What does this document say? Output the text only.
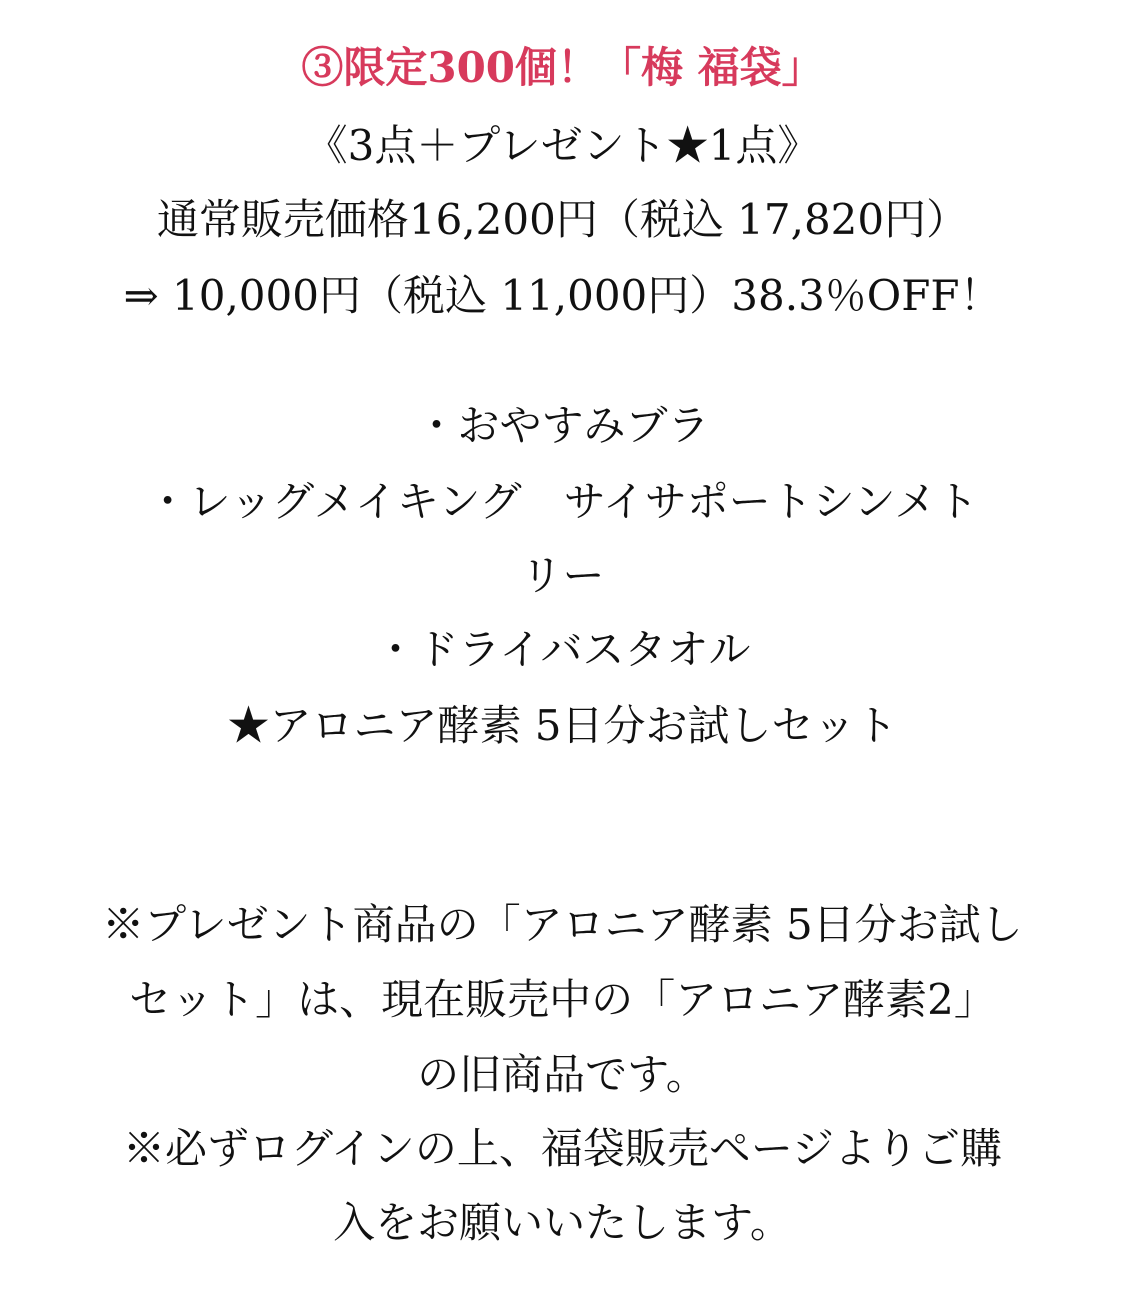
③限定300個！「梅 福袋」
《3点＋プレゼント★1点》
通常販売価格16,200円（税込 17,820円）
⇒ 10,000円（税込 11,000円）38.3％OFF！
・おやすみブラ
・レッグメイキング　サイサポートシンメト
リー
・ドライバスタオル
★アロニア酵素 5日分お試しセット
※プレゼント商品の「アロニア酵素 5日分お試し
セット」は、現在販売中の「アロニア酵素2」
の旧商品です。
※必ずログインの上、福袋販売ページよりご購
入をお願いいたします。
